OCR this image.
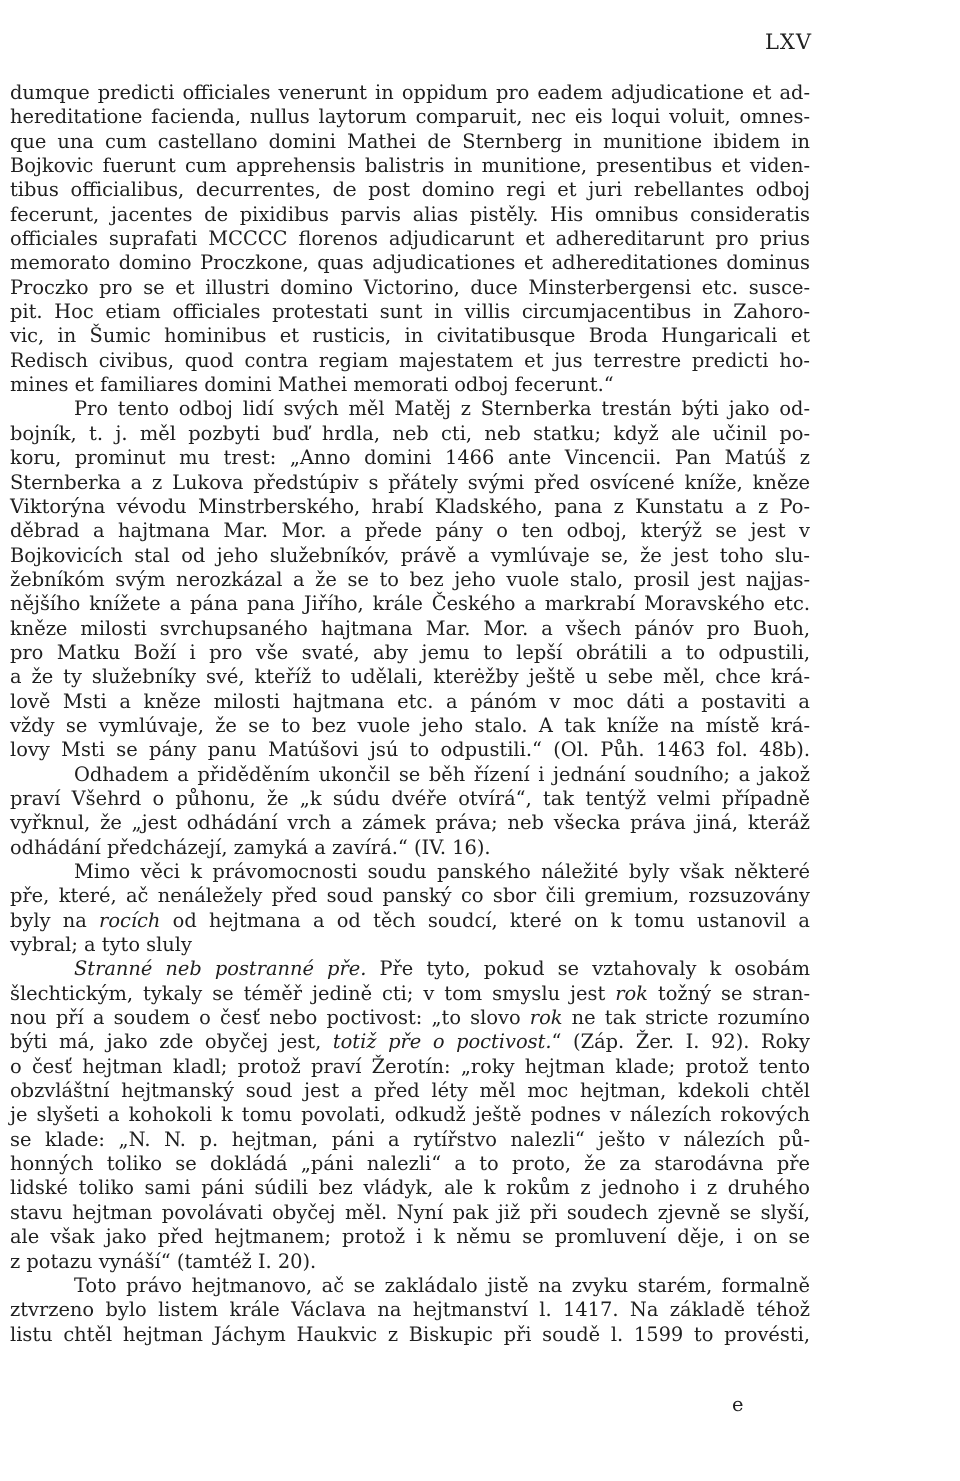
LXV
dumque predicti officiales venerunt in oppidum pro eadem adjudicatione et ad-
hereditatione facienda, nullus laytorum comparuit, nec eis loqui voluit, omnes-
que una cum castellano domini Mathei de Sternberg in munitione ibidem in
Bojkovic fuerunt cum apprehensis balistris in munitione, presentibus et viden-
tibus officialibus, decurrentes, de post domino regi et juri rebellantes odboj
fecerunt, jacentes de pixidibus parvis alias pistěly. His omnibus consideratis
officiales suprafati MCCCC florenos adjudicarunt et adhereditarunt pro prius
memorato domino Proczkone, quas adjudicationes et adhereditationes dominus
Proczko pro se et illustri domino Victorino, duce Minsterbergensi etc. susce-
pit. Hoc etiam officiales protestati sunt in villis circumjacentibus in Zahoro-
vic, in Šumic hominibus et rusticis, in civitatibusque Broda Hungaricali et
Redisch civibus, quod contra regiam majestatem et jus terrestre predicti ho-
mines et familiares domini Mathei memorati odboj fecerunt.“
Pro tento odboj lidí svých měl Matěj z Sternberka trestán býti jako od-
bojník, t. j. měl pozbyti buď hrdla, neb cti, neb statku; když ale učinil po-
koru, prominut mu trest: „Anno domini 1466 ante Vincencii. Pan Matúš z
Sternberka a z Lukova předstúpiv s přátely svými před osvícené kníže, kněze
Viktorýna vévodu Minstrberského, hrabí Kladského, pana z Kunstatu a z Po-
děbrad a hajtmana Mar. Mor. a přede pány o ten odboj, kterýž se jest v
Bojkovicích stal od jeho služebníkóv, právě a vymlúvaje se, že jest toho slu-
žebníkóm svým nerozkázal a že se to bez jeho vuole stalo, prosil jest najjas-
nějšího knížete a pána pana Jiřího, krále Českého a markrabí Moravského etc.
kněze milosti svrchupsaného hajtmana Mar. Mor. a všech pánóv pro Buoh,
pro Matku Boží i pro vše svaté, aby jemu to lepší obrátili a to odpustili,
a že ty služebníky své, kteříž to udělali, kterėžby ještě u sebe měl, chce krá-
lově Msti a kněze milosti hajtmana etc. a pánóm v moc dáti a postaviti a
vždy se vymlúvaje, že se to bez vuole jeho stalo. A tak kníže na místě krá-
lovy Msti se pány panu Matúšovi jsú to odpustili.“ (Ol. Půh. 1463 fol. 48b).
Odhadem a přiděděním ukončil se běh řízení i jednání soudního; a jakož
praví Všehrd o půhonu, že „k súdu dvéře otvírá“, tak tentýž velmi případně
vyřknul, že „jest odhádání vrch a zámek práva; neb všecka práva jiná, kteráž
odhádání předcházejí, zamyká a zavírá.“ (IV. 16).
Mimo věci k právomocnosti soudu panského náležité byly však některé
pře, které, ač nenáležely před soud panský co sbor čili gremium, rozsuzovány
byly na rocích od hejtmana a od těch soudcí, které on k tomu ustanovil a
vybral; a tyto sluly
Stranné neb postranné pře. Pře tyto, pokud se vztahovaly k osobám
šlechtickým, tykaly se téměř jedině cti; v tom smyslu jest rok tožný se stran-
nou pří a soudem o česť nebo poctivost: „to slovo rok ne tak stricte rozumíno
býti má, jako zde obyčej jest, totiž pře o poctivost.“ (Záp. Žer. I. 92). Roky
o česť hejtman kladl; protož praví Žerotín: „roky hejtman klade; protož tento
obzvláštní hejtmanský soud jest a před léty měl moc hejtman, kdekoli chtěl
je slyšeti a kohokoli k tomu povolati, odkudž ještě podnes v nálezích rokových
se klade: „N. N. p. hejtman, páni a rytířstvo nalezli“ ješto v nálezích pů-
honných toliko se dokládá „páni nalezli“ a to proto, že za starodávna pře
lidské toliko sami páni súdili bez vládyk, ale k rokům z jednoho i z druhého
stavu hejtman povolávati obyčej měl. Nyní pak již při soudech zjevně se slyší,
ale však jako před hejtmanem; protož i k němu se promluvení děje, i on se
z potazu vynáší“ (tamtéž I. 20).
Toto právo hejtmanovo, ač se zakládalo jistě na zvyku starém, formalně
ztvrzeno bylo listem krále Václava na hejtmanství l. 1417. Na základě téhož
listu chtěl hejtman Jáchym Haukvic z Biskupic při soudě l. 1599 to provésti,
e
